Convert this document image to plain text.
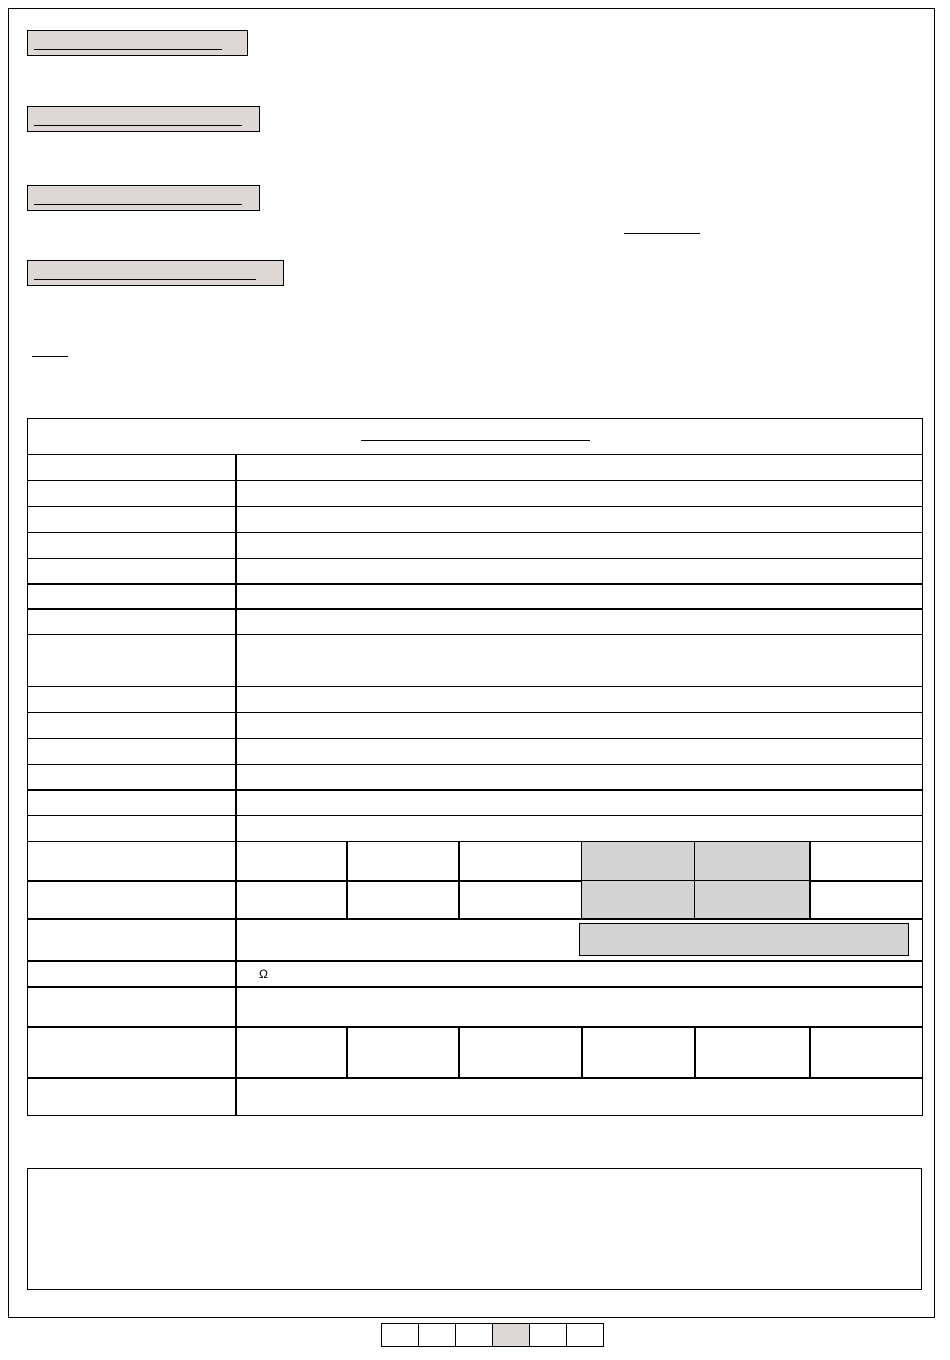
Ω
